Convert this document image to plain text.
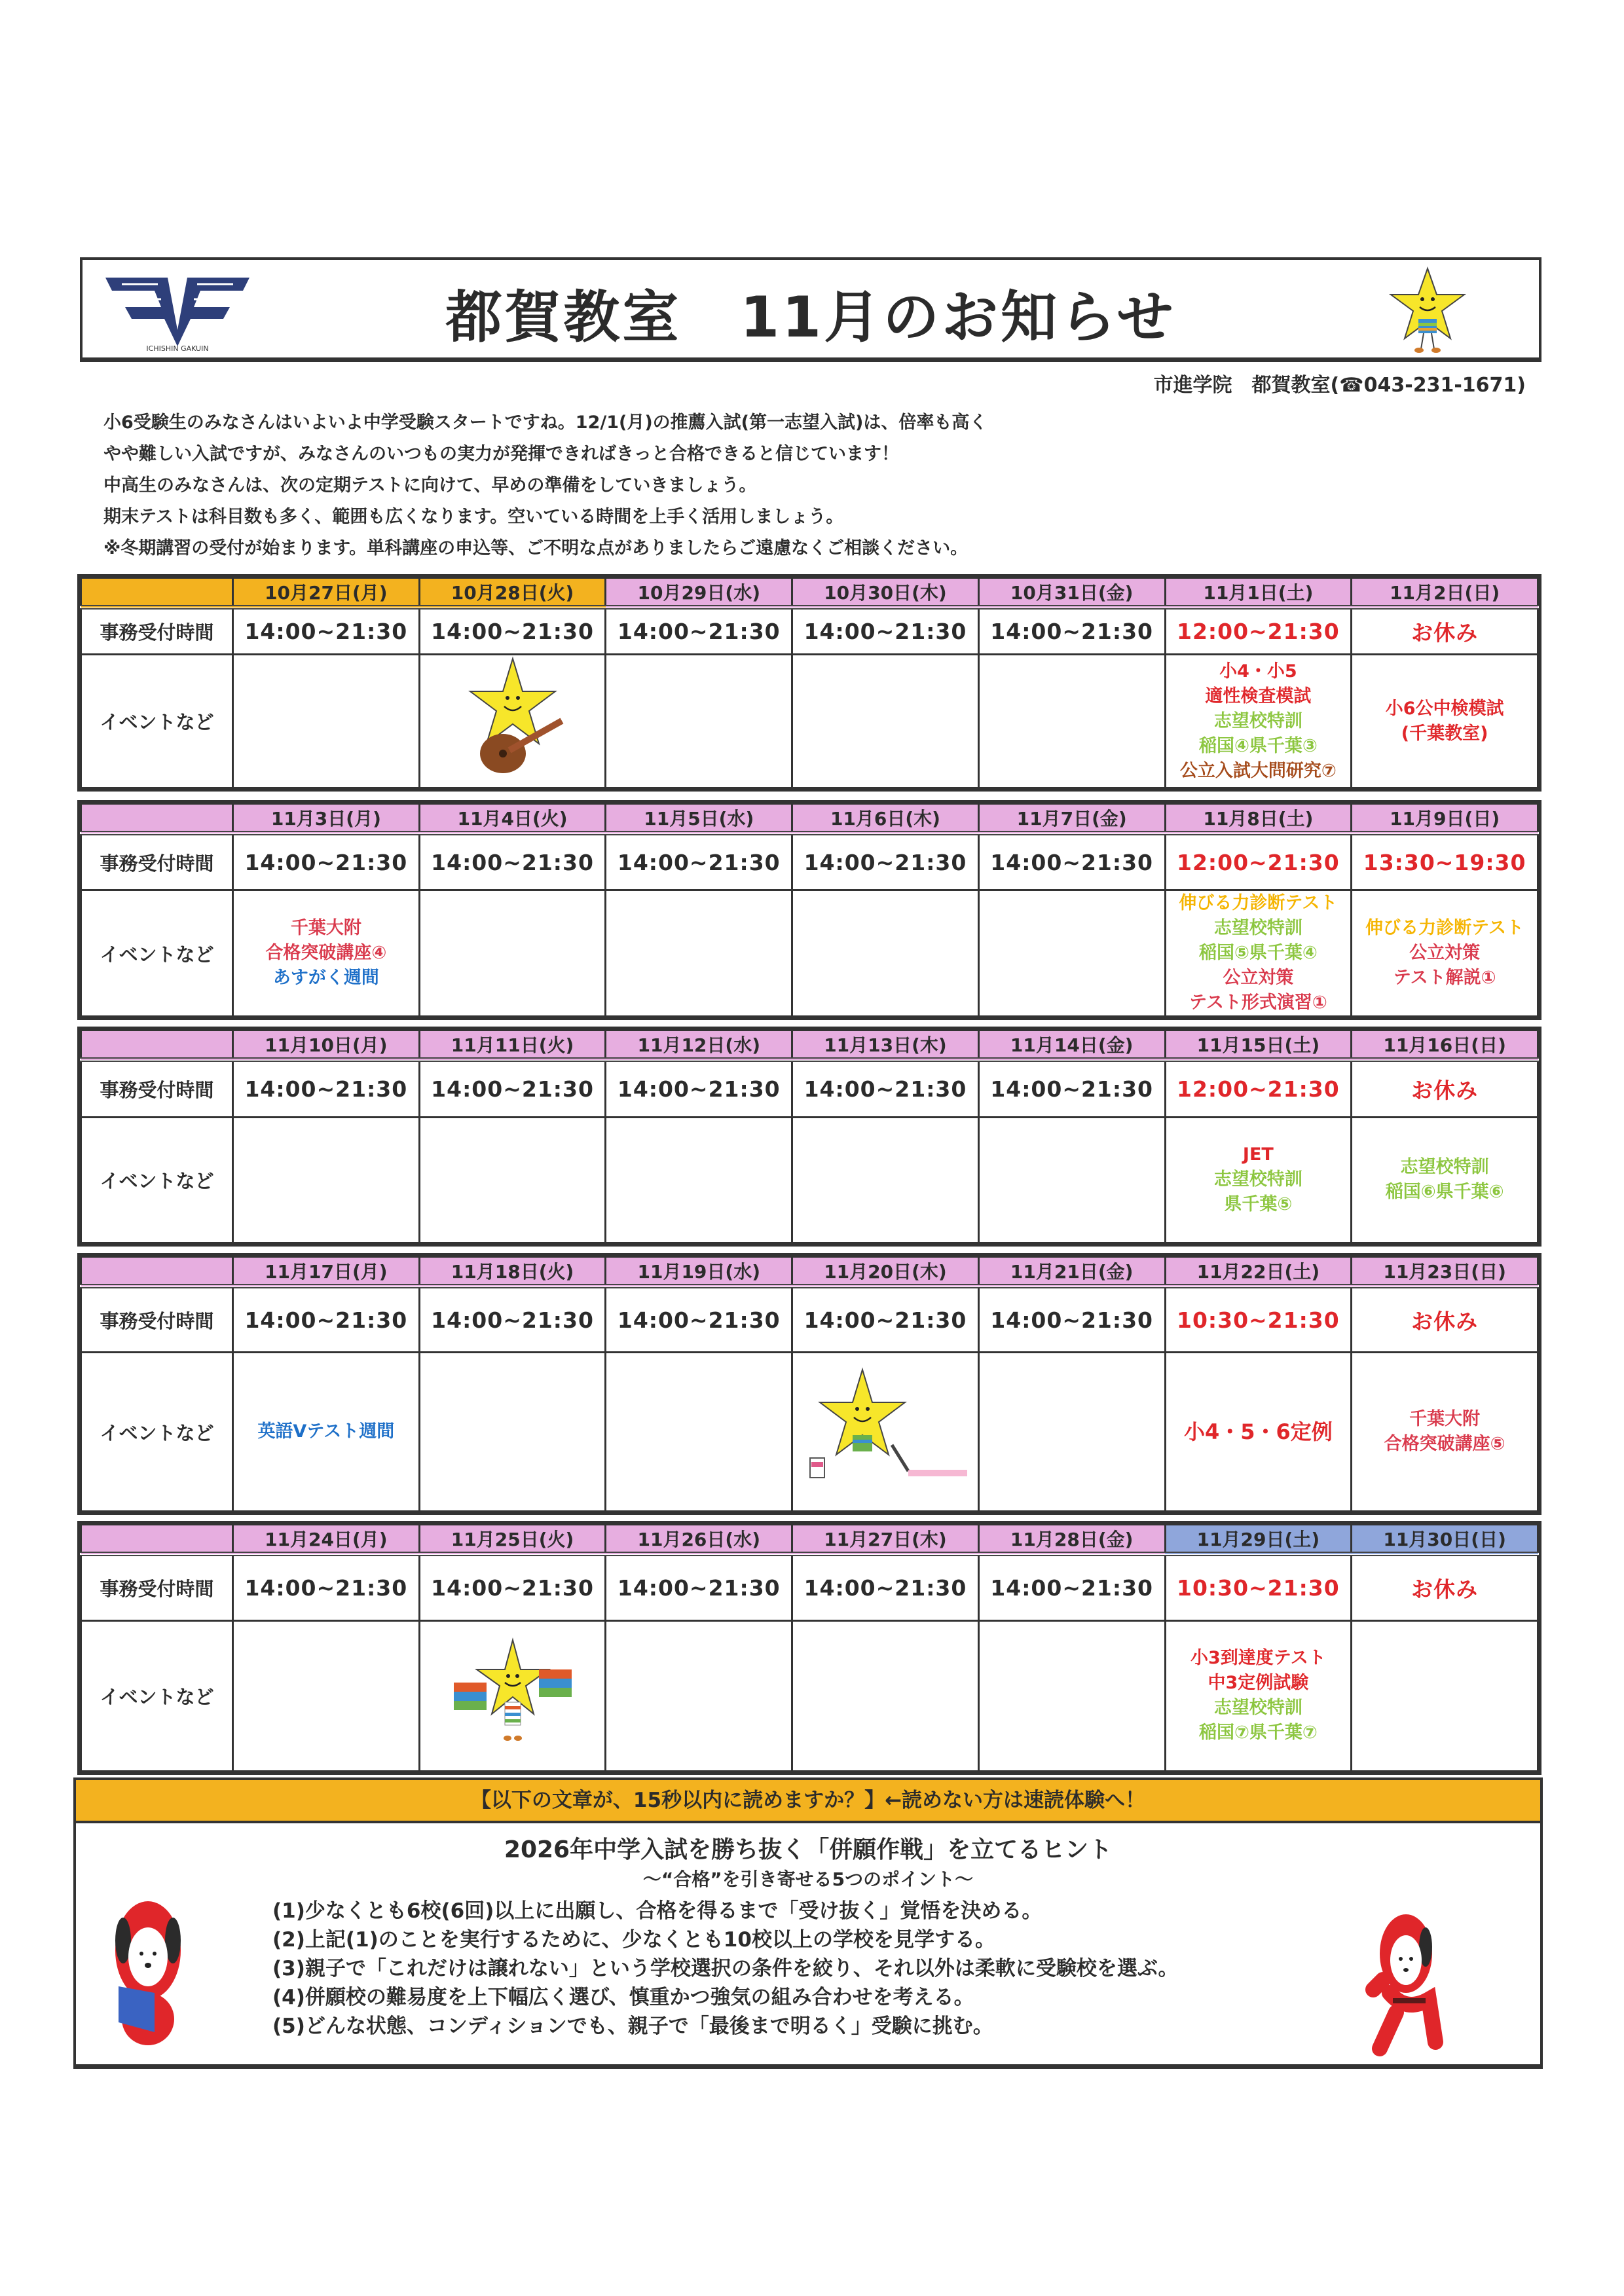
ICHISHIN GAKUIN	都賀教室　11月のお知らせ
市進学院　都賀教室(☎043-231-1671)
小6受験生のみなさんはいよいよ中学受験スタートですね。12/1(月)の推薦入試(第一志望入試)は、倍率も高く
やや難しい入試ですが、みなさんのいつもの実力が発揮できればきっと合格できると信じています！
中高生のみなさんは、次の定期テストに向けて、早めの準備をしていきましょう。
期末テストは科目数も多く、範囲も広くなります。空いている時間を上手く活用しましょう。
※冬期講習の受付が始まります。単科講座の申込等、ご不明な点がありましたらご遠慮なくご相談ください。
	10月27日(月)	10月28日(火)	10月29日(水)	10月30日(木)	10月31日(金)	11月1日(土)	11月2日(日)
事務受付時間	14:00~21:30	14:00~21:30	14:00~21:30	14:00~21:30	14:00~21:30	12:00~21:30	お休み
イベントなど						小4・小5
適性検査模試
志望校特訓
稲国④県千葉③
公立入試大問研究⑦	小6公中検模試
(千葉教室)
	11月3日(月)	11月4日(火)	11月5日(水)	11月6日(木)	11月7日(金)	11月8日(土)	11月9日(日)
事務受付時間	14:00~21:30	14:00~21:30	14:00~21:30	14:00~21:30	14:00~21:30	12:00~21:30	13:30~19:30
イベントなど	千葉大附
合格突破講座④
あすがく週間					伸びる力診断テスト
志望校特訓
稲国⑤県千葉④
公立対策
テスト形式演習①	伸びる力診断テスト
公立対策
テスト解説①
	11月10日(月)	11月11日(火)	11月12日(水)	11月13日(木)	11月14日(金)	11月15日(土)	11月16日(日)
事務受付時間	14:00~21:30	14:00~21:30	14:00~21:30	14:00~21:30	14:00~21:30	12:00~21:30	お休み
イベントなど						JET
志望校特訓
県千葉⑤	志望校特訓
稲国⑥県千葉⑥
	11月17日(月)	11月18日(火)	11月19日(水)	11月20日(木)	11月21日(金)	11月22日(土)	11月23日(日)
事務受付時間	14:00~21:30	14:00~21:30	14:00~21:30	14:00~21:30	14:00~21:30	10:30~21:30	お休み
イベントなど	英語Vテスト週間					小4・5・6定例	千葉大附
合格突破講座⑤
	11月24日(月)	11月25日(火)	11月26日(水)	11月27日(木)	11月28日(金)	11月29日(土)	11月30日(日)
事務受付時間	14:00~21:30	14:00~21:30	14:00~21:30	14:00~21:30	14:00~21:30	10:30~21:30	お休み
イベントなど						小3到達度テスト
中3定例試験
志望校特訓
稲国⑦県千葉⑦	

【以下の文章が、15秒以内に読めますか？】←読めない方は速読体験へ！
2026年中学入試を勝ち抜く「併願作戦」を立てるヒント
～“合格”を引き寄せる5つのポイント～
(1)少なくとも6校(6回)以上に出願し、合格を得るまで「受け抜く」覚悟を決める。
(2)上記(1)のことを実行するために、少なくとも10校以上の学校を見学する。
(3)親子で「これだけは譲れない」という学校選択の条件を絞り、それ以外は柔軟に受験校を選ぶ。
(4)併願校の難易度を上下幅広く選び、慎重かつ強気の組み合わせを考える。
(5)どんな状態、コンディションでも、親子で「最後まで明るく」受験に挑む。
